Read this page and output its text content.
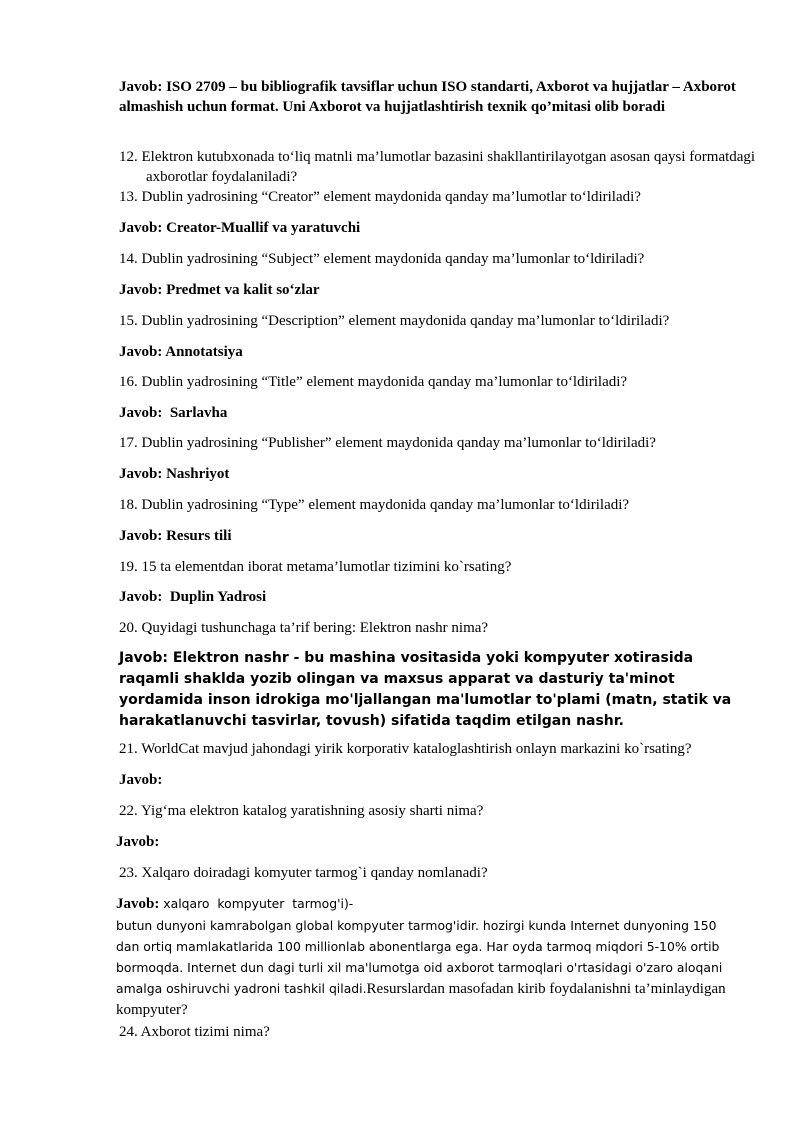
Javob: ISO 2709 – bu bibliografik tavsiflar uchun ISO standarti, Axborot va hujjatlar – Axborot almashish uchun format. Uni Axborot va hujjatlashtirish texnik qo’mitasi olib boradi

12. Elektron kutubxonada to‘liq matnli ma’lumotlar bazasini shakllantirilayotgan asosan qaysi formatdagi axborotlar foydalaniladi?

13. Dublin yadrosining “Creator” element maydonida qanday ma’lumotlar to‘ldiriladi?

Javob: Creator-Muallif va yaratuvchi

14. Dublin yadrosining “Subject” element maydonida qanday ma’lumonlar to‘ldiriladi?

Javob: Predmet va kalit so‘zlar

15. Dublin yadrosining “Description” element maydonida qanday ma’lumonlar to‘ldiriladi?

Javob: Annotatsiya

16. Dublin yadrosining “Title” element maydonida qanday ma’lumonlar to‘ldiriladi?

Javob:  Sarlavha

17. Dublin yadrosining “Publisher” element maydonida qanday ma’lumonlar to‘ldiriladi?

Javob: Nashriyot

18. Dublin yadrosining “Type” element maydonida qanday ma’lumonlar to‘ldiriladi?

Javob: Resurs tili

19. 15 ta elementdan iborat metama’lumotlar tizimini ko`rsating?

Javob:  Duplin Yadrosi

20. Quyidagi tushunchaga ta’rif bering: Elektron nashr nima?

Javob: Elektron nashr - bu mashina vositasida yoki kompyuter xotirasida raqamli shaklda yozib olingan va maxsus apparat va dasturiy ta'minot yordamida inson idrokiga mo'ljallangan ma'lumotlar to'plami (matn, statik va harakatlanuvchi tasvirlar, tovush) sifatida taqdim etilgan nashr.

21. WorldCat mavjud jahondagi yirik korporativ kataloglashtirish onlayn markazini ko`rsating?

Javob:

22. Yig‘ma elektron katalog yaratishning asosiy sharti nima?

Javob:

23. Xalqaro doiradagi komyuter tarmog`i qanday nomlanadi?

Javob: xalqaro  kompyuter  tarmog'i)-
butun dunyoni kamrabolgan global kompyuter tarmog'idir. hozirgi kunda Internet dunyoning 150 dan ortiq mamlakatlarida 100 millionlab abonentlarga ega. Har oyda tarmoq miqdori 5-10% ortib bormoqda. Internet dun dagi turli xil ma'lumotga oid axborot tarmoqlari o'rtasidagi o'zaro aloqani amalga oshiruvchi yadroni tashkil qiladi.Resurslardan masofadan kirib foydalanishni ta’minlaydigan kompyuter?

24. Axborot tizimi nima?
